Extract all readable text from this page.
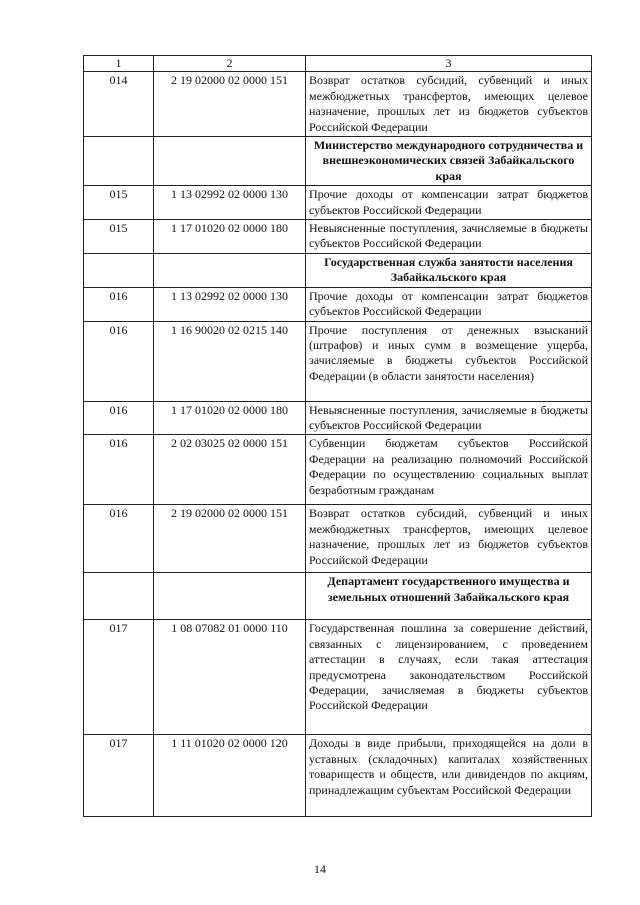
1	2	3
014	2 19 02000 02 0000 151	Возврат остатков субсидий, субвенций и иных межбюджетных трансфертов, имеющих целевое назначение, прошлых лет из бюджетов субъектов Российской Федерации
		Министерство международного сотрудничества и внешнеэкономических связей Забайкальского края
015	1 13 02992 02 0000 130	Прочие доходы от компенсации затрат бюджетов субъектов Российской Федерации
015	1 17 01020 02 0000 180	Невыясненные поступления, зачисляемые в бюджеты субъектов Российской Федерации
		Государственная служба занятости населения Забайкальского края
016	1 13 02992 02 0000 130	Прочие доходы от компенсации затрат бюджетов субъектов Российской Федерации
016	1 16 90020 02 0215 140	Прочие поступления от денежных взысканий (штрафов) и иных сумм в возмещение ущерба, зачисляемые в бюджеты субъектов Российской Федерации (в области занятости населения)
016	1 17 01020 02 0000 180	Невыясненные поступления, зачисляемые в бюджеты субъектов Российской Федерации
016	2 02 03025 02 0000 151	Субвенции бюджетам субъектов Российской Федерации на реализацию полномочий Российской Федерации по осуществлению социальных выплат безработным гражданам
016	2 19 02000 02 0000 151	Возврат остатков субсидий, субвенций и иных межбюджетных трансфертов, имеющих целевое назначение, прошлых лет из бюджетов субъектов Российской Федерации
		Департамент государственного имущества и земельных отношений Забайкальского края
017	1 08 07082 01 0000 110	Государственная пошлина за совершение действий, связанных с лицензированием, с проведением аттестации в случаях, если такая аттестация предусмотрена законодательством Российской Федерации, зачисляемая в бюджеты субъектов Российской Федерации
017	1 11 01020 02 0000 120	Доходы в виде прибыли, приходящейся на доли в уставных (складочных) капиталах хозяйственных товариществ и обществ, или дивидендов по акциям, принадлежащим субъектам Российской Федерации
14
